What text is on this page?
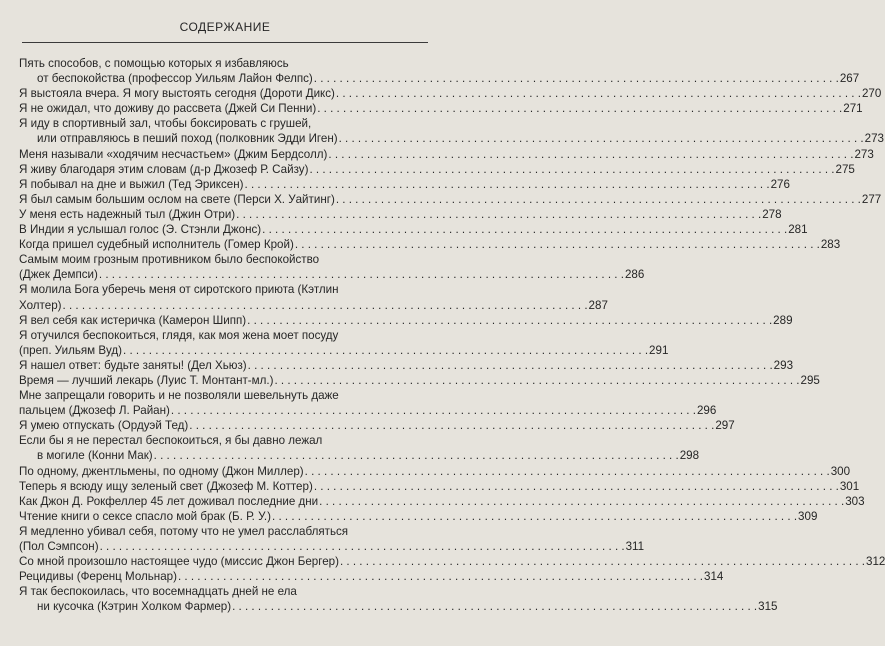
СОДЕРЖАНИЕ
Пять способов, с помощью которых я избавляюсь
от беспокойства (профессор Уильям Лайон Фелпс) . . .	267
Я выстояла вчера. Я могу выстоять сегодня (Дороти Дикс) . . .	270
Я не ожидал, что доживу до рассвета (Джей Си Пенни) . . .	271
Я иду в спортивный зал, чтобы боксировать с грушей,
или отправляюсь в пеший поход (полковник Эдди Иген) . . .	273
Меня называли «ходячим несчастьем» (Джим Бердсолл) . . .	273
Я живу благодаря этим словам (д-р Джозеф Р. Сайзу) . . .	275
Я побывал на дне и выжил (Тед Эриксен) . . .	276
Я был самым большим ослом на свете (Перси Х. Уайтинг) . . .	277
У меня есть надежный тыл (Джин Отри) . . .	278
В Индии я услышал голос (Э. Стэнли Джонс) . . .	281
Когда пришел судебный исполнитель (Гомер Крой) . . .	283
Самым моим грозным противником было беспокойство
(Джек Демпси) . . .	286
Я молила Бога уберечь меня от сиротского приюта (Кэтлин
Холтер) . . .	287
Я вел себя как истеричка (Камерон Шипп) . . .	289
Я отучился беспокоиться, глядя, как моя жена моет посуду
(преп. Уильям Вуд) . . .	291
Я нашел ответ: будьте заняты! (Дел Хьюз) . . .	293
Время — лучший лекарь (Луис Т. Монтант-мл.) . . .	295
Мне запрещали говорить и не позволяли шевельнуть даже
пальцем (Джозеф Л. Райан) . . .	296
Я умею отпускать (Ордуэй Тед) . . .	297
Если бы я не перестал беспокоиться, я бы давно лежал
в могиле (Конни Мак) . . .	298
По одному, джентльмены, по одному (Джон Миллер) . . .	300
Теперь я всюду ищу зеленый свет (Джозеф М. Коттер) . . .	301
Как Джон Д. Рокфеллер 45 лет доживал последние дни . . .	303
Чтение книги о сексе спасло мой брак (Б. Р. У.) . . .	309
Я медленно убивал себя, потому что не умел расслабляться
(Пол Сэмпсон) . . .	311
Со мной произошло настоящее чудо (миссис Джон Бергер) . . .	312
Рецидивы (Ференц Мольнар) . . .	314
Я так беспокоилась, что восемнадцать дней не ела
ни кусочка (Кэтрин Холком Фармер) . . .	315
